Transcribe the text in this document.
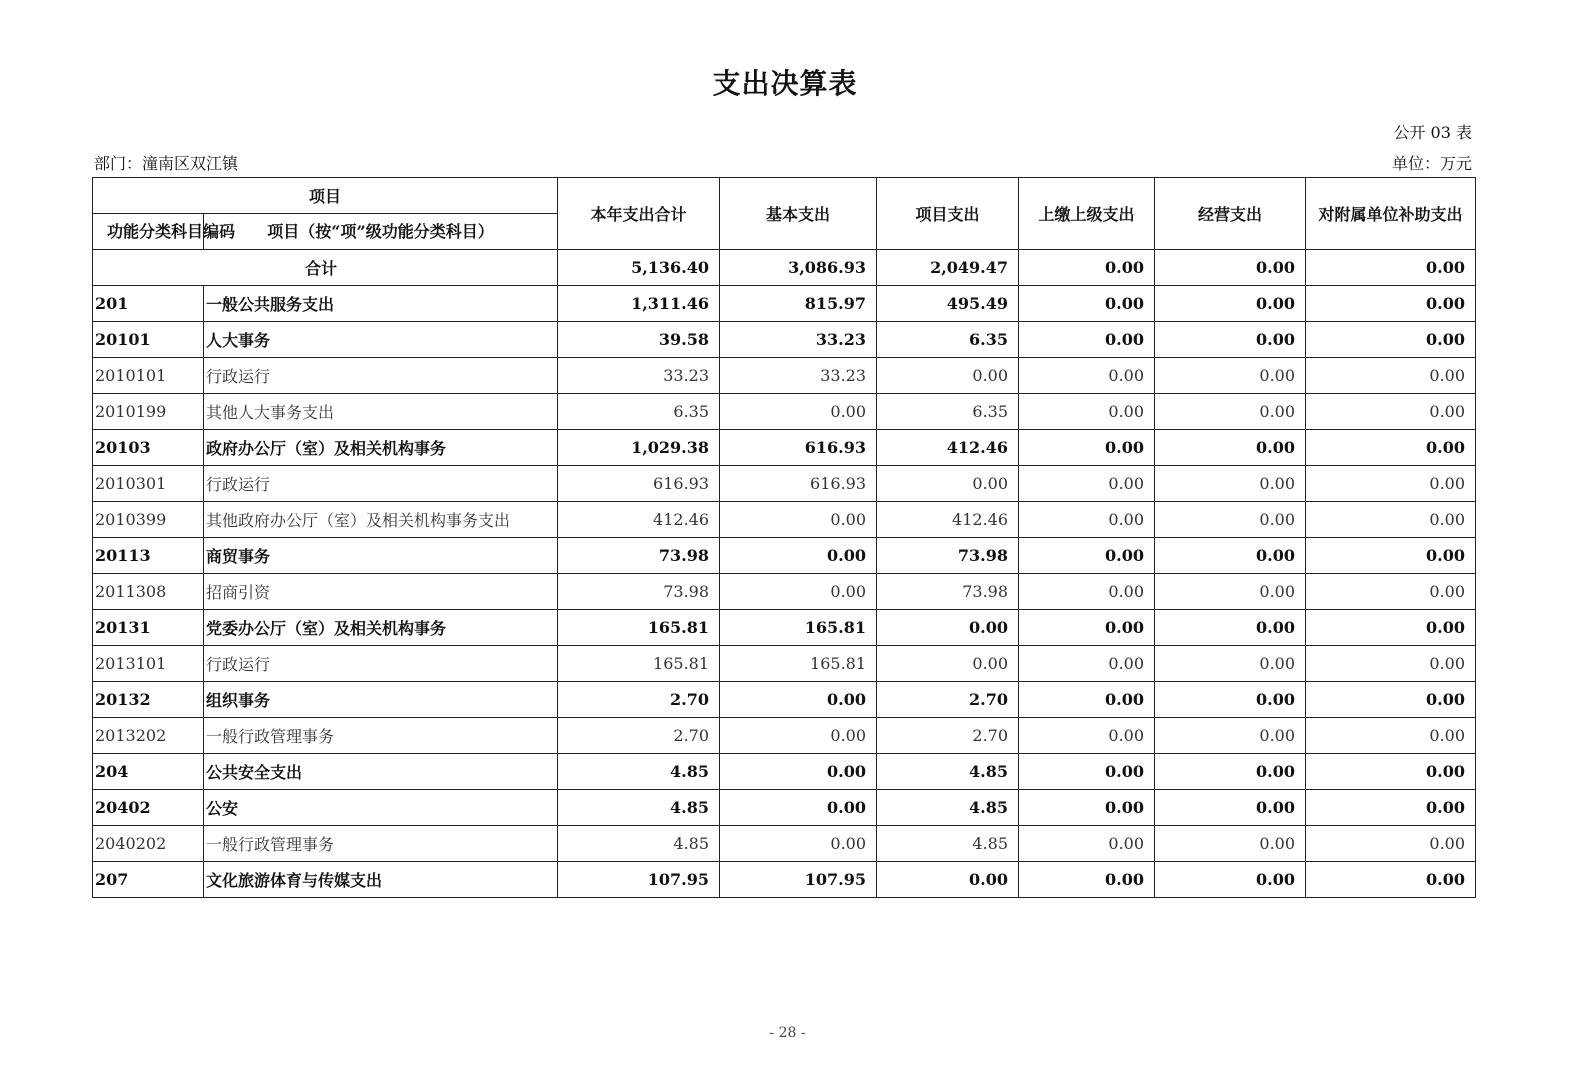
支出决算表
公开 03 表
部门：潼南区双江镇	单位：万元
项目		本年支出合计	基本支出	项目支出	上缴上级支出	经营支出	对附属单位补助支出
功能分类科目编码	项目（按“项”级功能分类科目）						
合计		5,136.40	3,086.93	2,049.47	0.00	0.00	0.00
201	一般公共服务支出	1,311.46	815.97	495.49	0.00	0.00	0.00
20101	人大事务	39.58	33.23	6.35	0.00	0.00	0.00
2010101	行政运行	33.23	33.23	0.00	0.00	0.00	0.00
2010199	其他人大事务支出	6.35	0.00	6.35	0.00	0.00	0.00
20103	政府办公厅（室）及相关机构事务	1,029.38	616.93	412.46	0.00	0.00	0.00
2010301	行政运行	616.93	616.93	0.00	0.00	0.00	0.00
2010399	其他政府办公厅（室）及相关机构事务支出	412.46	0.00	412.46	0.00	0.00	0.00
20113	商贸事务	73.98	0.00	73.98	0.00	0.00	0.00
2011308	招商引资	73.98	0.00	73.98	0.00	0.00	0.00
20131	党委办公厅（室）及相关机构事务	165.81	165.81	0.00	0.00	0.00	0.00
2013101	行政运行	165.81	165.81	0.00	0.00	0.00	0.00
20132	组织事务	2.70	0.00	2.70	0.00	0.00	0.00
2013202	一般行政管理事务	2.70	0.00	2.70	0.00	0.00	0.00
204	公共安全支出	4.85	0.00	4.85	0.00	0.00	0.00
20402	公安	4.85	0.00	4.85	0.00	0.00	0.00
2040202	一般行政管理事务	4.85	0.00	4.85	0.00	0.00	0.00
207	文化旅游体育与传媒支出	107.95	107.95	0.00	0.00	0.00	0.00
- 28 -
